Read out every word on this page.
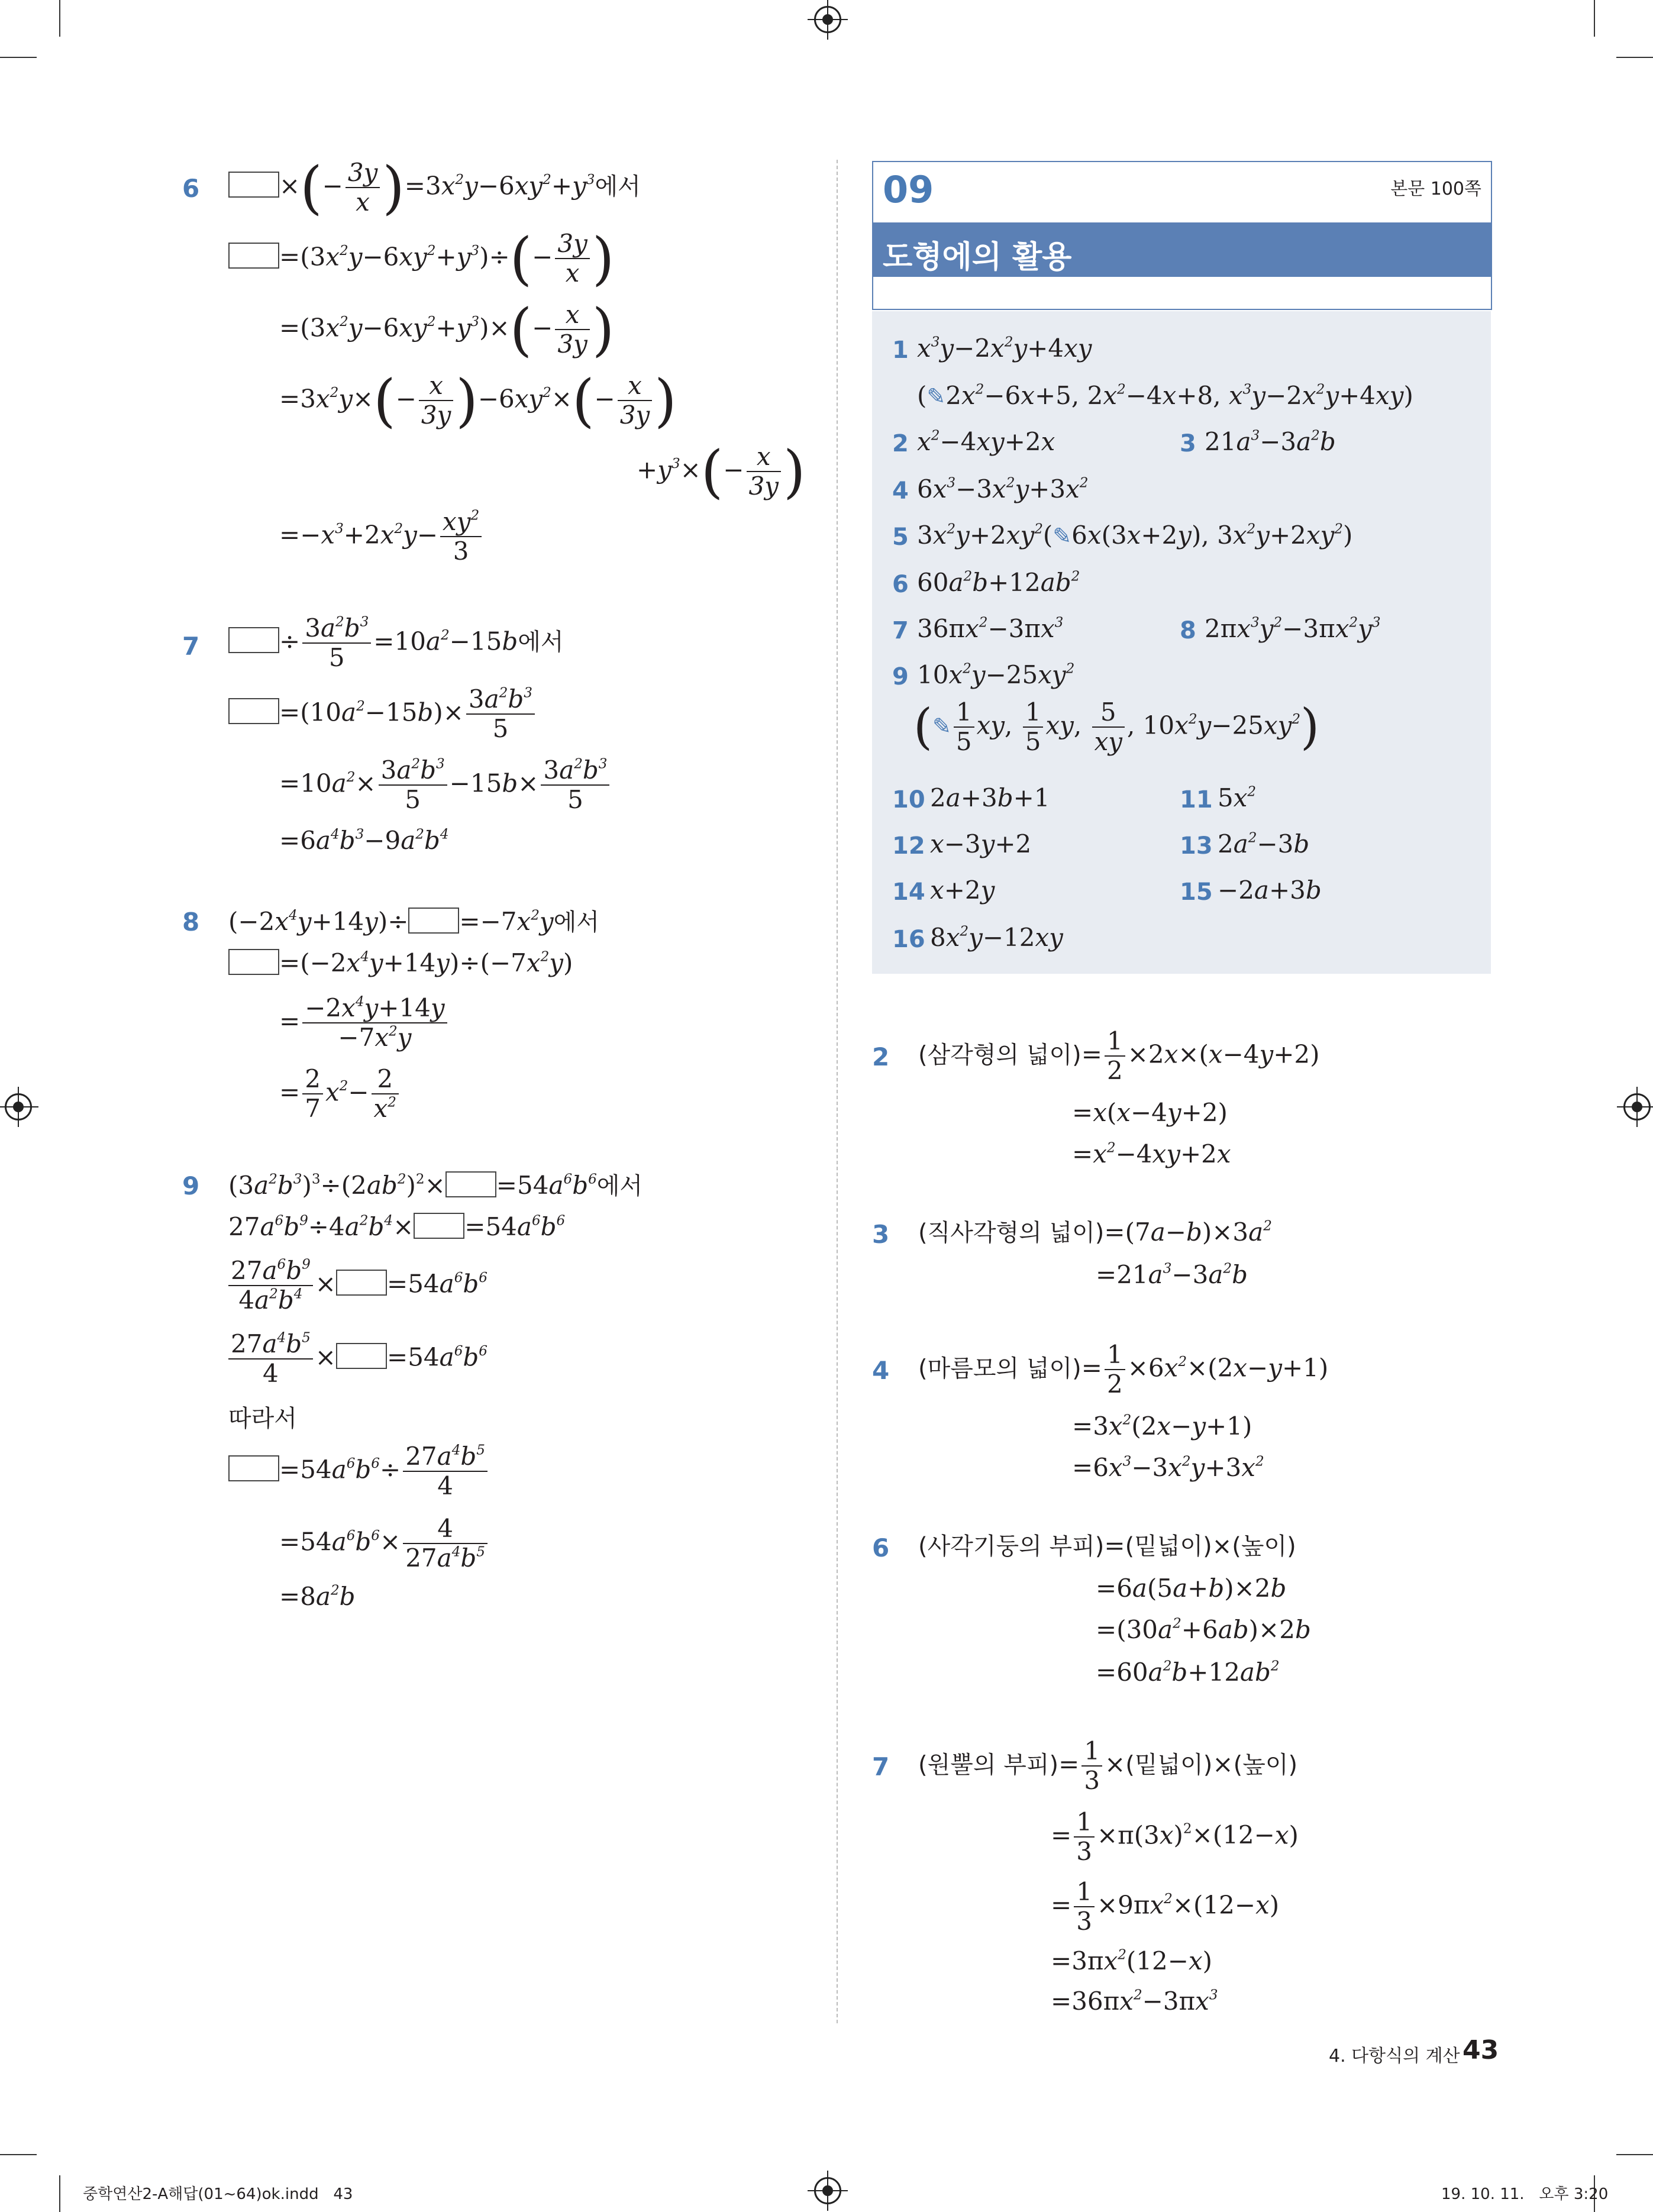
6	×(− $\frac{3y}{x} )=3x^2y-6xy^2+y^3$에서
$=(3x^2y-6xy^2+y^3)\div(- \frac{3y}{x}$ )
$=(3x^2y-6xy^2+y^3)\times(- \frac{x}{3y}$ )
$=3x^2y\times(- \frac{x}{3y} )-6xy^2\times(- \frac{x}{3y}$ )
$+y^3\times(- \frac{x}{3y}$ )
$=-x^3+2x^2y- \frac{xy^2}{3}$
7	÷ $\frac{3a^2b^3}{5} =10a^2-15b$에서
$=(10a^2-15b)\times \frac{3a^2b^3}{5}$
$=10a^2\times \frac{3a^2b^3}{5} -15b\times \frac{3a^2b^3}{5}$
$=6a^4b^3-9a^2b^4$
8 $(-2x^4y+14y)\div =-7x^2y$에서
$=(-2x^4y+14y)\div(-7x^2y)$
= $\frac{-2x^4y+14y}{-7x^2y}$
= $\frac{2}{7} x^2- \frac{2}{x^2}$
9 $(3a^2b^3)^3\div(2ab^2)^2\times =54a^6b^6$에서
$27a^6b^9\div 4a^2b^4\times =54a^6b^6$
$\frac{27a^6b^9}{4a^2b^4} \times =54a^6b^6$
$\frac{27a^4b^5}{4} \times =54a^6b^6$
따라서
$=54a^6b^6\div \frac{27a^4b^5}{4}$
$=54a^6b^6\times \frac{4}{27a^4b^5}$
$=8a^2b$
09	본문 100쪽
도형에의 활용
1 $x^3y-2x^2y+4xy$
($✎2x^2-6x+5$, $2x^2-4x+8$, $x^3y-2x^2y+4xy$)
2 $x^2-4xy+2x$	3 $21a^3-3a^2b$
4 $6x^3-3x^2y+3x^2$
5 $3x^2y+2xy^2(✎6x(3x+2y)$, $3x^2y+2xy^2$)
6 $60a^2b+12ab^2$
7 $36\pi x^2-3\pi x^3$	8 $2\pi x^3y^2-3\pi x^2y^3$
9 $10x^2y-25xy^2$
(✎ $\frac{1}{5}$ xy, $\frac{1}{5}$ xy, $\frac{5}{xy}$ , $10x^2y-25xy^2$)
10 2a+3b+1	11 $5x^2$
12 x−3y+2	13 $2a^2-3b$
14 x+2y	15 −2a+3b
16 $8x^2y-12xy$
2 (삼각형의 넓이)= $\frac{1}{2} \times 2x\times(x-4y+2)$
=x(x−4y+2)
$=x^2-4xy+2x$
3 (직사각형의 넓이)$=(7a-b)\times 3a^2$
$=21a^3-3a^2b$
4 (마름모의 넓이)= $\frac{1}{2} \times 6x^2\times(2x-y+1)$
$=3x^2(2x-y+1)$
$=6x^3-3x^2y+3x^2$
6 (사각기둥의 부피)=(밑넓이)×(높이)
=6a(5a+b)×2b
$=(30a^2+6ab)\times 2b$
$=60a^2b+12ab^2$
7 (원뿔의 부피)= $\frac{1}{3}$ ×(밑넓이)×(높이)
= $\frac{1}{3} \times\pi(3x)^2\times(12-x)$
= $\frac{1}{3} \times 9\pi x^2\times(12-x)$
$=3\pi x^2(12-x)$
$=36\pi x^2-3\pi x^3$
4. 다항식의 계산 43
중학연산2-A해답(01~64)ok.indd   43	19. 10. 11.   오후 3:20
